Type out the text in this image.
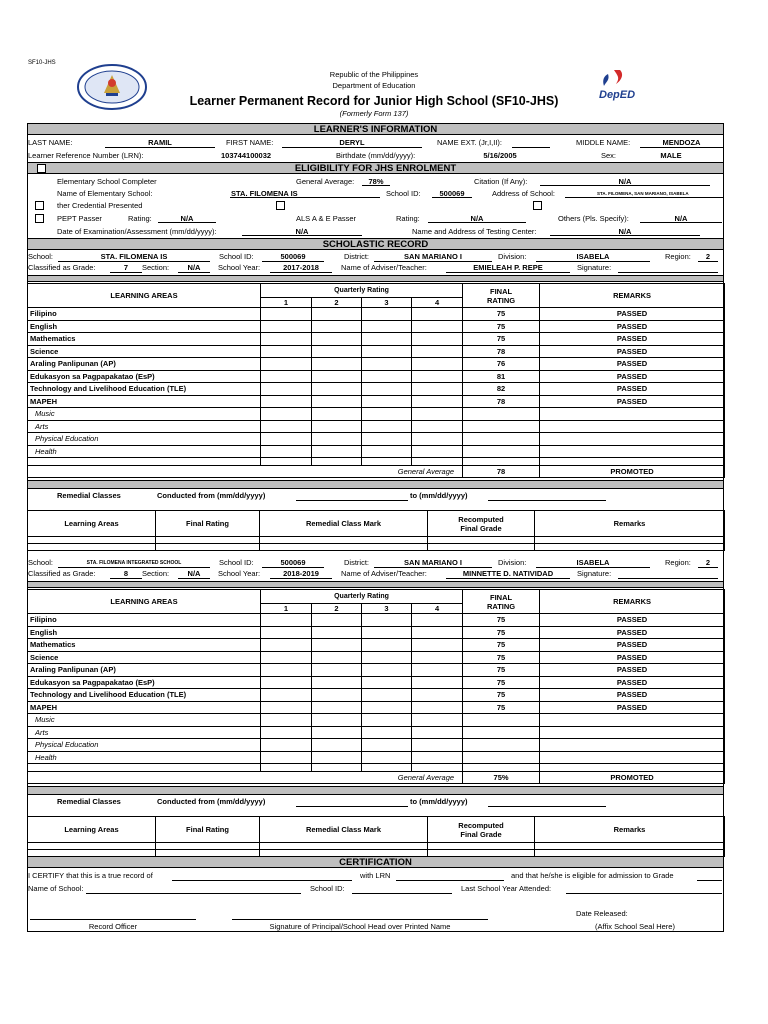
SF10-JHS
DepED
Republic of the Philippines
Department of Education
Learner Permanent Record for Junior High School (SF10-JHS)
(Formerly Form 137)
LEARNER'S INFORMATION
LAST NAME:	RAMIL	FIRST NAME:	DERYL	NAME EXT. (Jr,I,II):	MIDDLE NAME:	MENDOZA
Learner Reference Number (LRN):	103744100032	Birthdate (mm/dd/yyyy):	5/16/2005	Sex:	MALE
ELIGIBILITY FOR JHS ENROLMENT
Elementary School Completer	General Average:	78%	Citation (If Any):	N/A
Name of Elementary School:	STA. FILOMENA IS	School ID:	500069	Address of School:	STA. FILOMENA, SAN MARIANO, ISABELA
ther Credential Presented
PEPT Passer	Rating:	N/A	ALS A & E Passer	Rating:	N/A	Others (Pls. Specify):	N/A
Date of Examination/Assessment (mm/dd/yyyy):	N/A	Name and Address of Testing Center:	N/A
SCHOLASTIC RECORD
School:	STA. FILOMENA IS	School ID:	500069	District:	SAN MARIANO I	Division:	ISABELA	Region:	2
Classified as Grade:	7	Section:	N/A	School Year:	2017-2018	Name of Adviser/Teacher:	EMIELEAH P. REPE	Signature:
LEARNING AREAS	Quarterly Rating				FINAL
RATING	REMARKS
	1	2	3	4		
Filipino					75	PASSED
English					75	PASSED
Mathematics					75	PASSED
Science					78	PASSED
Araling Panlipunan (AP)					76	PASSED
Edukasyon sa Pagpapakatao (EsP)					81	PASSED
Technology and Livelihood Education (TLE)					82	PASSED
MAPEH					78	PASSED
Music						
Arts						
Physical Education						
Health						

General Average					78	PROMOTED
Remedial Classes	Conducted from (mm/dd/yyyy)	to (mm/dd/yyyy)
Learning Areas	Final Rating	Remedial Class Mark	Recomputed
Final Grade	Remarks

School:	STA. FILOMENA INTEGRATED SCHOOL	School ID:	500069	District:	SAN MARIANO I	Division:	ISABELA	Region:	2
Classified as Grade:	8	Section:	N/A	School Year:	2018-2019	Name of Adviser/Teacher:	MINNETTE D. NATIVIDAD	Signature:
LEARNING AREAS	Quarterly Rating				FINAL
RATING	REMARKS
	1	2	3	4		
Filipino					75	PASSED
English					75	PASSED
Mathematics					75	PASSED
Science					75	PASSED
Araling Panlipunan (AP)					75	PASSED
Edukasyon sa Pagpapakatao (EsP)					75	PASSED
Technology and Livelihood Education (TLE)					75	PASSED
MAPEH					75	PASSED
Music						
Arts						
Physical Education						
Health						

General Average					75%	PROMOTED
Remedial Classes	Conducted from (mm/dd/yyyy)	to (mm/dd/yyyy)
Learning Areas	Final Rating	Remedial Class Mark	Recomputed
Final Grade	Remarks

CERTIFICATION
I CERTIFY that this is a true record of	with LRN	and that he/she is eligible for admission to Grade
Name of School:	School ID:	Last School Year Attended:
Date Released:
Record Officer	Signature of Principal/School Head over Printed Name	(Affix School Seal Here)
